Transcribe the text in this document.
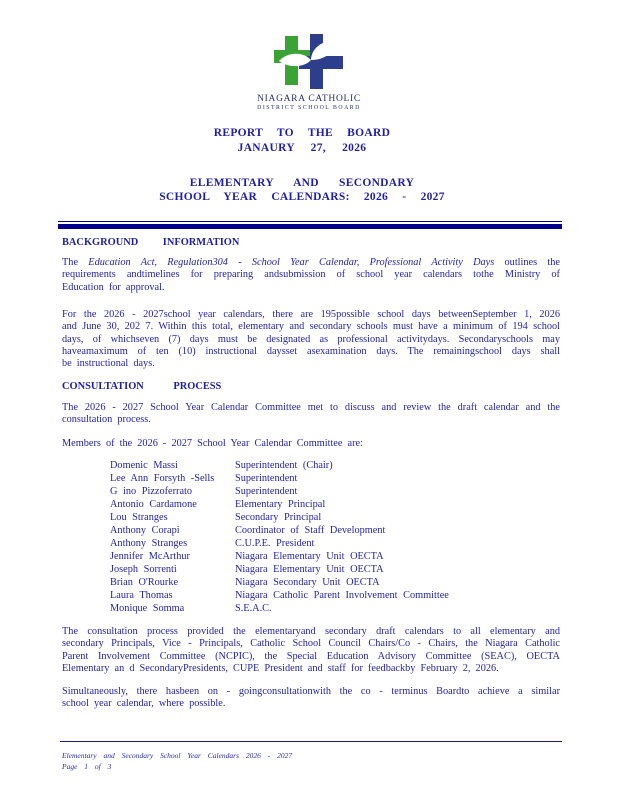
NIAGARA CATHOLIC
DISTRICT SCHOOL BOARD
REPORT TO THE BOARD
JANAURY 27, 2026
ELEMENTARY AND SECONDARY
SCHOOL YEAR CALENDARS: 2026 - 2027
BACKGROUND INFORMATION
The Education Act, Regulation304 - School Year Calendar, Professional Activity Days outlines the
requirements andtimelines for preparing andsubmission of school year calendars tothe Ministry of
Education for approval.
For the 2026 - 2027school year calendars, there are 195possible school days betweenSeptember 1, 2026
and June 30, 202 7. Within this total, elementary and secondary schools must have a minimum of 194 school
days, of whichseven (7) days must be designated as professional activitydays. Secondaryschools may
haveamaximum of ten (10) instructional daysset asexamination days. The remainingschool days shall
be instructional days.
CONSULTATION PROCESS
The 2026 - 2027 School Year Calendar Committee met to discuss and review the draft calendar and the
consultation process.
Members of the 2026 - 2027 School Year Calendar Committee are:
Domenic Massi	Superintendent (Chair)
Lee Ann Forsyth -Sells	Superintendent
G ino Pizzoferrato	Superintendent
Antonio Cardamone	Elementary Principal
Lou Stranges	Secondary Principal
Anthony Corapi	Coordinator of Staff Development
Anthony Stranges	C.U.P.E. President
Jennifer McArthur	Niagara Elementary Unit OECTA
Joseph Sorrenti	Niagara Elementary Unit OECTA
Brian O'Rourke	Niagara Secondary Unit OECTA
Laura Thomas	Niagara Catholic Parent Involvement Committee
Monique Somma	S.E.A.C.
The consultation process provided the elementaryand secondary draft calendars to all elementary and
secondary Principals, Vice - Principals, Catholic School Council Chairs/Co - Chairs, the Niagara Catholic
Parent Involvement Committee (NCPIC), the Special Education Advisory Committee (SEAC), OECTA
Elementary an d SecondaryPresidents, CUPE President and staff for feedbackby February 2, 2026.
Simultaneously, there hasbeen on - goingconsultationwith the co - terminus Boardto achieve a similar
school year calendar, where possible.
Elementary and Secondary School Year Calendars 2026 - 2027
Page 1 of 3
